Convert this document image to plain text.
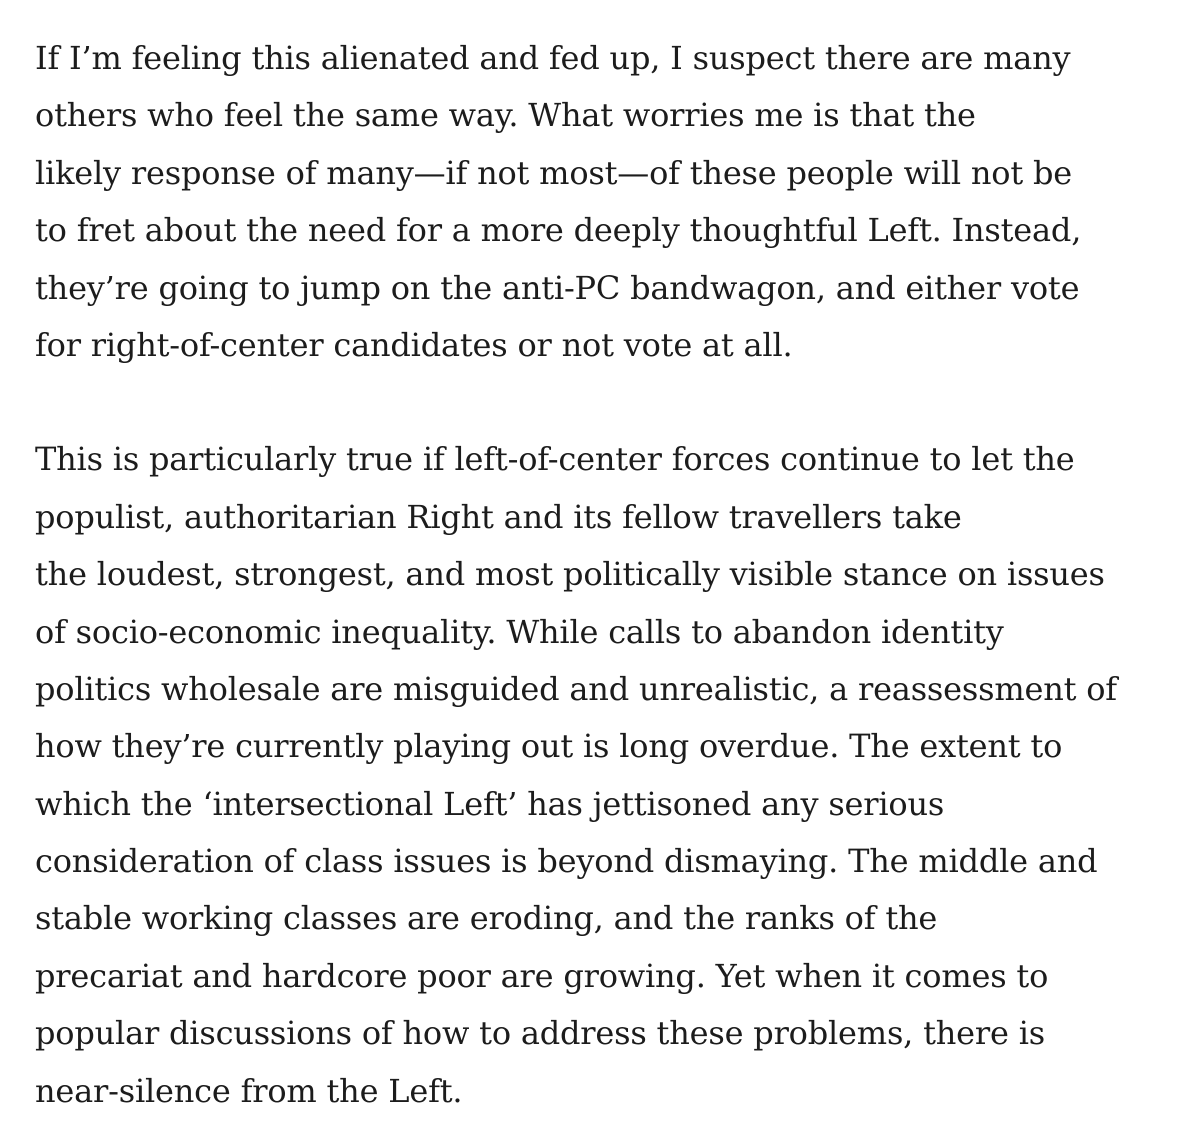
If I’m feeling this alienated and fed up, I suspect there are many
others who feel the same way. What worries me is that the
likely response of many—if not most—of these people will not be
to fret about the need for a more deeply thoughtful Left. Instead,
they’re going to jump on the anti-PC bandwagon, and either vote
for right-of-center candidates or not vote at all.

This is particularly true if left-of-center forces continue to let the
populist, authoritarian Right and its fellow travellers take
the loudest, strongest, and most politically visible stance on issues
of socio-economic inequality. While calls to abandon identity
politics wholesale are misguided and unrealistic, a reassessment of
how they’re currently playing out is long overdue. The extent to
which the ‘intersectional Left’ has jettisoned any serious
consideration of class issues is beyond dismaying. The middle and
stable working classes are eroding, and the ranks of the
precariat and hardcore poor are growing. Yet when it comes to
popular discussions of how to address these problems, there is
near-silence from the Left.
